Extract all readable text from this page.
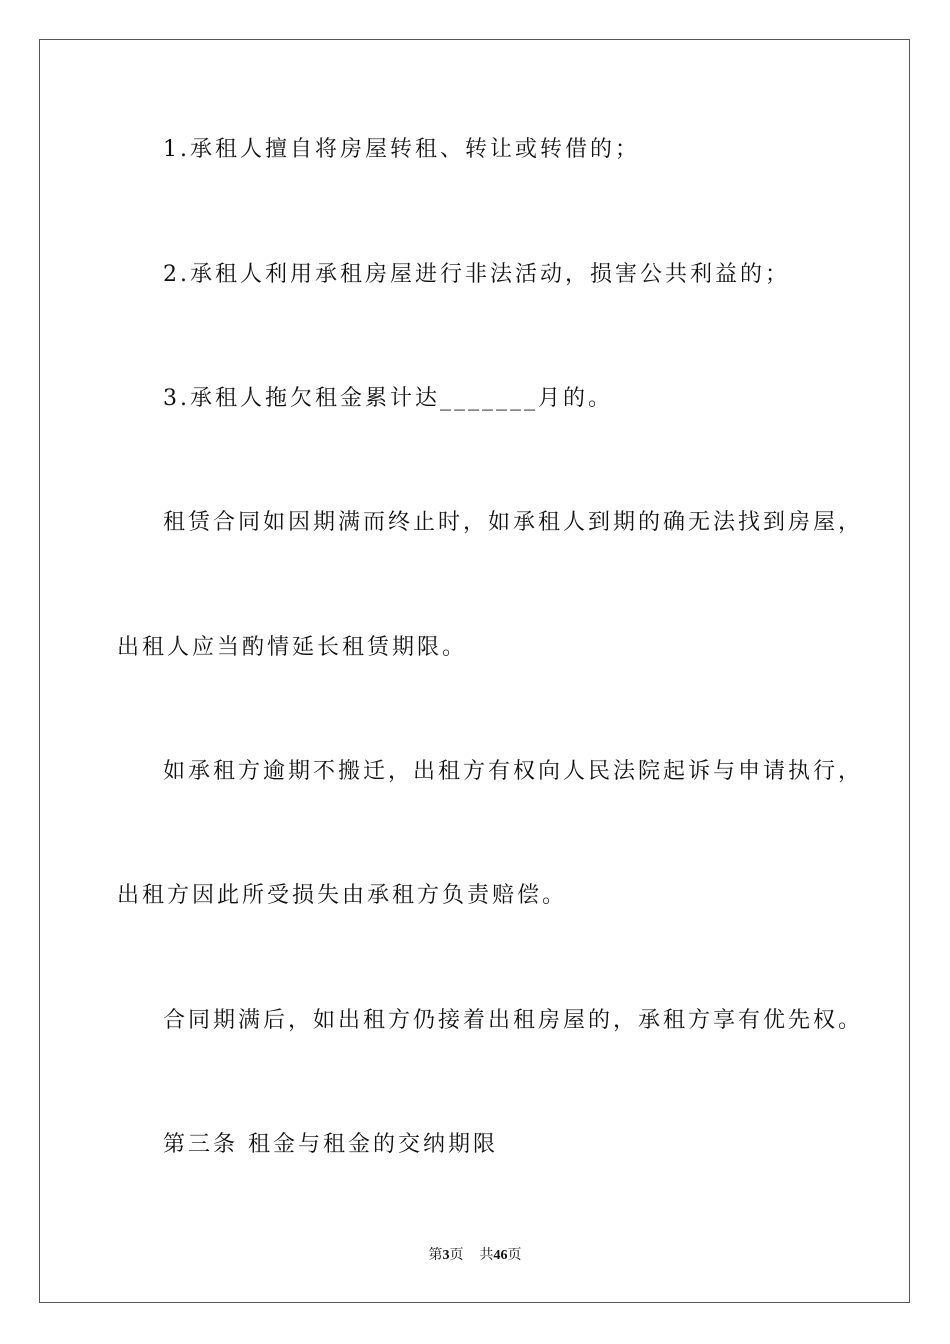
1.承租人擅自将房屋转租、转让或转借的；
2.承租人利用承租房屋进行非法活动，损害公共利益的；
3.承租人拖欠租金累计达_______月的。
租赁合同如因期满而终止时，如承租人到期的确无法找到房屋，
出租人应当酌情延长租赁期限。
如承租方逾期不搬迁，出租方有权向人民法院起诉与申请执行，
出租方因此所受损失由承租方负责赔偿。
合同期满后，如出租方仍接着出租房屋的，承租方享有优先权。
第三条 租金与租金的交纳期限
第3页 共46页
